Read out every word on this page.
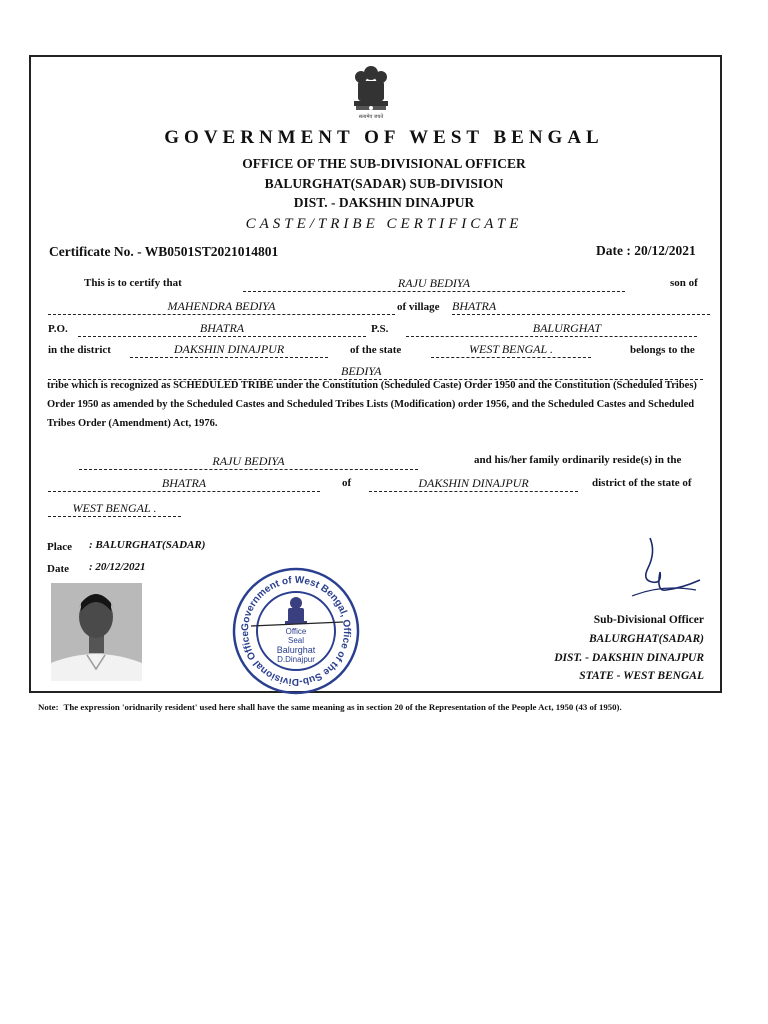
सत्यमेव जयते
GOVERNMENT OF WEST BENGAL
OFFICE OF THE SUB-DIVISIONAL OFFICER
BALURGHAT(SADAR) SUB-DIVISION
DIST. - DAKSHIN DINAJPUR
CASTE/TRIBE CERTIFICATE
Certificate No. - WB0501ST2021014801	Date : 20/12/2021
This is to certify that	RAJU BEDIYA	son of
MAHENDRA BEDIYA	of village BHATRA
P.O.	BHATRA	P.S.	BALURGHAT
in the district	DAKSHIN DINAJPUR	of the state	WEST BENGAL .	belongs to the
BEDIYA
tribe which is recognized as SCHEDULED TRIBE under the Constitution (Scheduled Caste) Order 1950 and the Constitution (Scheduled Tribes) Order 1950 as amended by the Scheduled Castes and Scheduled Tribes Lists (Modification) order 1956, and the Scheduled Castes and Scheduled Tribes Order (Amendment) Act, 1976.
RAJU BEDIYA	and his/her family ordinarily reside(s) in the
BHATRA	of	DAKSHIN DINAJPUR	district of the state of
WEST BENGAL .
Place : BALURGHAT(SADAR)
Date : 20/12/2021
Government of West Bengal, Office of the Sub-Divisional Office	Office
Seal
Balurghat
D.Dinajpur
Sub-Divisional Officer
BALURGHAT(SADAR)
DIST. - DAKSHIN DINAJPUR
STATE - WEST BENGAL
Note: The expression 'oridnarily resident' used here shall have the same meaning as in section 20 of the Representation of the People Act, 1950 (43 of 1950).
